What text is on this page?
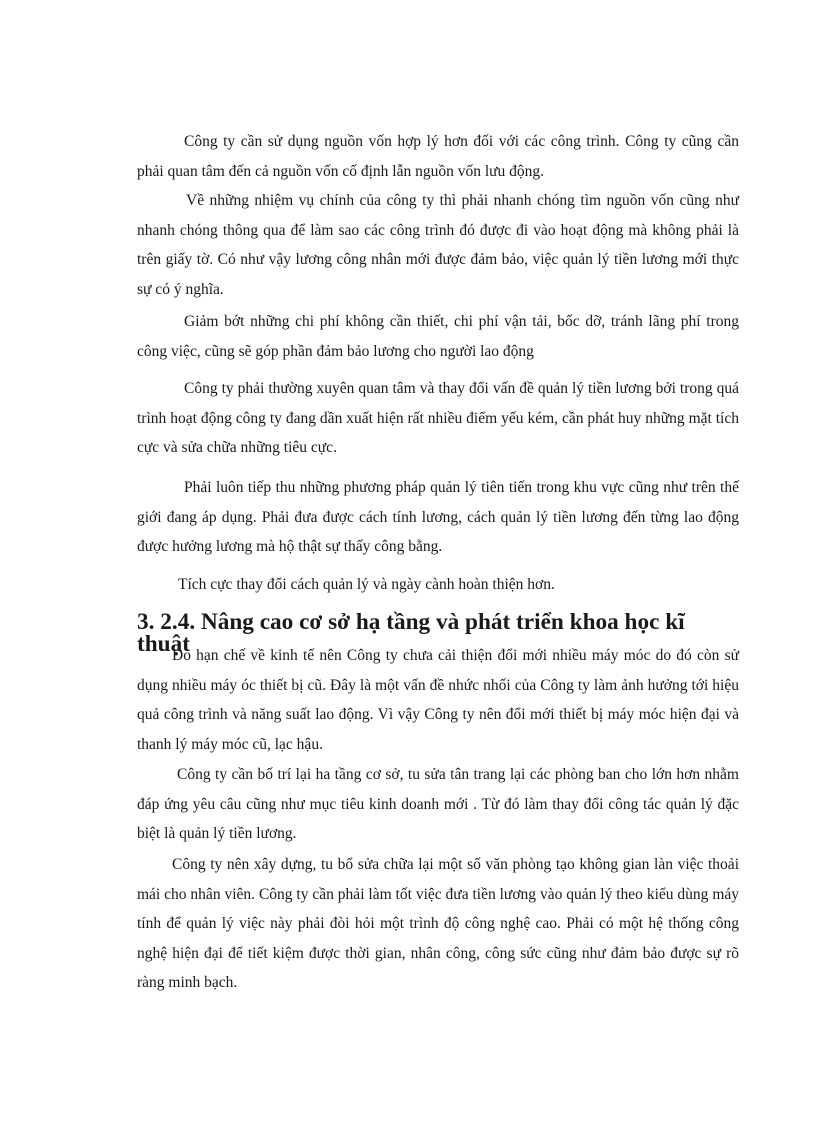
Công ty cần sử dụng nguồn vốn hợp lý hơn đối với các công trình. Công ty cũng cần phải quan tâm đến cả nguồn vốn cố định lẫn nguồn vốn lưu động.

Về những nhiệm vụ chính của công ty thì phải nhanh chóng tìm nguồn vốn cũng như nhanh chóng thông qua để làm sao các công trình đó được đi vào hoạt động mà không phải là trên giấy tờ. Có như vậy lương công nhân mới được đảm bảo, việc quản lý tiền lương mới thực sự có ý nghĩa.

Giảm bớt những chi phí không cần thiết, chi phí vận tải, bốc dỡ, tránh lãng phí trong công việc, cũng sẽ góp phần đảm bảo lương cho người lao động

Công ty phải thường xuyên quan tâm và thay đổi vấn đề quản lý tiền lương bởi trong quá trình hoạt động công ty đang dần xuất hiện rất nhiều điểm yếu kém, cần phát huy những mặt tích cực và sửa chữa những tiêu cực.

Phải luôn tiếp thu những phương pháp quản lý tiên tiến trong khu vực cũng như trên thế giới đang áp dụng. Phải đưa được cách tính lương, cách quản lý tiền lương đến từng lao động được hưởng lương mà hộ thật sự thấy công bằng.

Tích cực thay đổi cách quản lý và ngày cành hoàn thiện hơn.

3. 2.4. Nâng cao cơ sở hạ tầng và phát triển khoa học kĩ thuật

Do hạn chế về kinh tế nên Công ty chưa cải thiện đổi mới nhiều máy móc do đó còn sử dụng nhiều máy óc thiết bị cũ. Đây là một vấn đề nhức nhối của Công ty làm ảnh hưởng tới hiệu quả công trình và năng suất lao động. Vì vậy Công ty nên đổi mới thiết bị máy móc hiện đại và thanh lý máy móc cũ, lạc hậu.

Công ty cần bố trí lại ha tầng cơ sở, tu sửa tân trang lại các phòng ban cho lớn hơn nhằm đáp ứng yêu câu cũng như mục tiêu kinh doanh mới . Từ đó làm thay đổi công tác quản lý đặc biệt là quản lý tiền lương.

Công ty nên xây dựng, tu bổ sửa chữa lại một số văn phòng tạo không gian làn việc thoải mái cho nhân viên. Công ty cần phải làm tốt việc đưa tiền lương vào quản lý theo kiểu dùng máy tính để quản lý việc này phải đòi hỏi một trình độ công nghệ cao. Phải có một hệ thống công nghệ hiện đại để tiết kiệm được thời gian, nhân công, công sức cũng như đảm bảo được sự rõ ràng minh bạch.
